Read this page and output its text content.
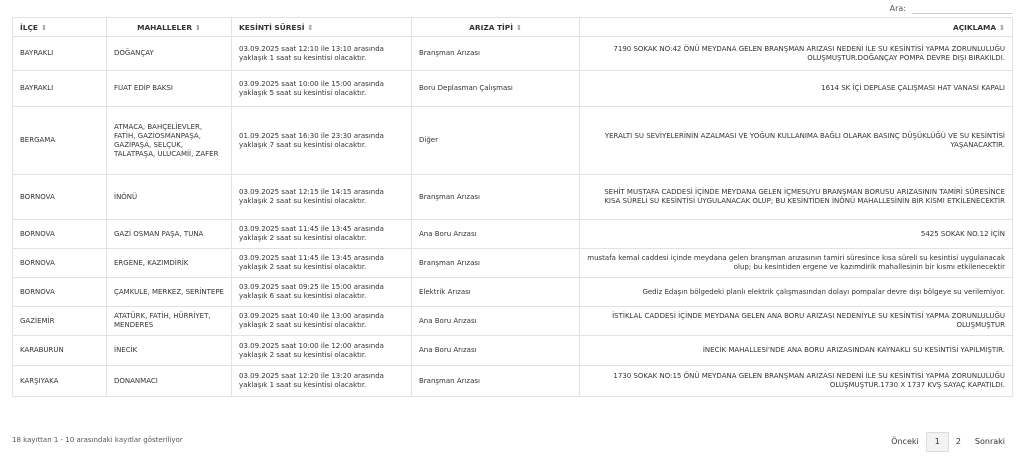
Ara:
İLÇE ⇕	MAHALLELER ⇕	KESİNTİ SÜRESİ ⇕	ARIZA TİPİ ⇕	AÇIKLAMA ⇕
BAYRAKLI	DOĞANÇAY	03.09.2025 saat 12:10 ile 13:10 arasında yaklaşık 1 saat su kesintisi olacaktır.	Branşman Arızası	7190 SOKAK NO:42 ÖNÜ MEYDANA GELEN BRANŞMAN ARIZASI NEDENİ İLE SU KESİNTİSİ YAPMA ZORUNLULUĞU OLUŞMUŞTUR.DOĞANÇAY POMPA DEVRE DIŞI BIRAKILDI.
BAYRAKLI	FUAT EDİP BAKSI	03.09.2025 saat 10:00 ile 15:00 arasında yaklaşık 5 saat su kesintisi olacaktır.	Boru Deplasman Çalışması	1614 SK İÇİ DEPLASE ÇALIŞMASI HAT VANASI KAPALI
BERGAMA	ATMACA, BAHÇELİEVLER, FATİH, GAZİOSMANPAŞA, GAZİPAŞA, SELÇUK, TALATPAŞA, ULUCAMİİ, ZAFER	01.09.2025 saat 16:30 ile 23:30 arasında yaklaşık 7 saat su kesintisi olacaktır.	Diğer	YERALTI SU SEVİYELERİNİN AZALMASI VE YOĞUN KULLANIMA BAĞLI OLARAK BASINÇ DÜŞÜKLÜĞÜ VE SU KESİNTİSİ YAŞANACAKTIR.
BORNOVA	İNÖNÜ	03.09.2025 saat 12:15 ile 14:15 arasında yaklaşık 2 saat su kesintisi olacaktır.	Branşman Arızası	SEHİT MUSTAFA CADDESİ İÇİNDE MEYDANA GELEN İÇMESUYU BRANŞMAN BORUSU ARIZASININ TAMİRİ SÜRESİNCE KISA SÜRELİ SU KESİNTİSİ UYGULANACAK OLUP; BU KESİNTİDEN İNÖNÜ MAHALLESİNİN BİR KISMI ETKİLENECEKTİR
BORNOVA	GAZİ OSMAN PAŞA, TUNA	03.09.2025 saat 11:45 ile 13:45 arasında yaklaşık 2 saat su kesintisi olacaktır.	Ana Boru Arızası	5425 SOKAK NO.12 İÇİN
BORNOVA	ERGENE, KAZIMDİRİK	03.09.2025 saat 11:45 ile 13:45 arasında yaklaşık 2 saat su kesintisi olacaktır.	Branşman Arızası	mustafa kemal caddesi içinde meydana gelen branşman arızasının tamiri süresince kısa süreli su kesintisi uygulanacak olup; bu kesintiden ergene ve kazımdirik mahallesinin bir kısmı etkilenecektir
BORNOVA	ÇAMKULE, MERKEZ, SERİNTEPE	03.09.2025 saat 09:25 ile 15:00 arasında yaklaşık 6 saat su kesintisi olacaktır.	Elektrik Arızası	Gediz Edaşın bölgedeki planlı elektrik çalışmasından dolayı pompalar devre dışı bölgeye su verilemiyor.
GAZİEMİR	ATATÜRK, FATİH, HÜRRİYET, MENDERES	03.09.2025 saat 10:40 ile 13:00 arasında yaklaşık 2 saat su kesintisi olacaktır.	Ana Boru Arızası	İSTİKLAL CADDESİ İÇİNDE MEYDANA GELEN ANA BORU ARIZASI NEDENİYLE SU KESİNTİSİ YAPMA ZORUNLULUĞU OLUŞMUŞTUR
KARABURUN	İNECİK	03.09.2025 saat 10:00 ile 12:00 arasında yaklaşık 2 saat su kesintisi olacaktır.	Ana Boru Arızası	İNECİK MAHALLESİ'NDE ANA BORU ARIZASINDAN KAYNAKLI SU KESİNTİSİ YAPILMIŞTIR.
KARŞIYAKA	DONANMACI	03.09.2025 saat 12:20 ile 13:20 arasında yaklaşık 1 saat su kesintisi olacaktır.	Branşman Arızası	1730 SOKAK NO:15 ÖNÜ MEYDANA GELEN BRANŞMAN ARIZASI NEDENİ İLE SU KESİNTİSİ YAPMA ZORUNLULUĞU OLUŞMUŞTUR.1730 X 1737 KVŞ SAYAÇ KAPATILDI.
18 kayıttan 1 - 10 arasındaki kayıtlar gösteriliyor	Önceki	1	2	Sonraki
